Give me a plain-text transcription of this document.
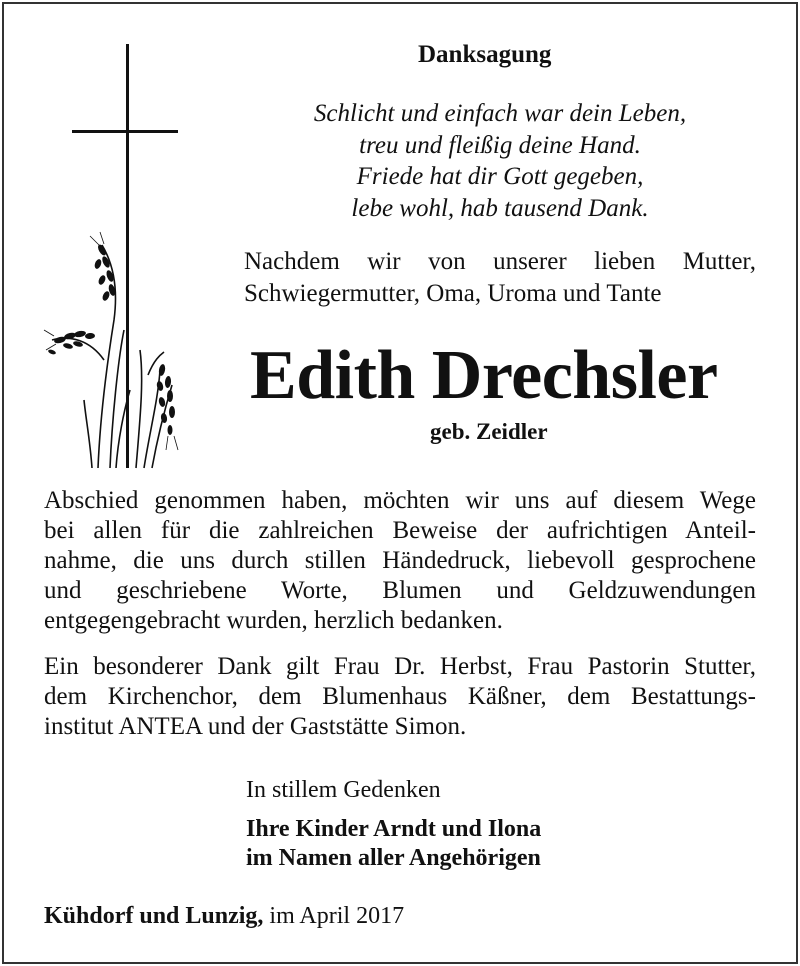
Danksagung
Schlicht und einfach war dein Leben,
treu und fleißig deine Hand.
Friede hat dir Gott gegeben,
lebe wohl, hab tausend Dank.
Nachdem wir von unserer lieben Mutter,
Schwiegermutter, Oma, Uroma und Tante
Edith Drechsler
geb. Zeidler
Abschied genommen haben, möchten wir uns auf diesem Wege
bei allen für die zahlreichen Beweise der aufrichtigen Anteil-
nahme, die uns durch stillen Händedruck, liebevoll gesprochene
und geschriebene Worte, Blumen und Geldzuwendungen
entgegengebracht wurden, herzlich bedanken.
Ein besonderer Dank gilt Frau Dr. Herbst, Frau Pastorin Stutter,
dem Kirchenchor, dem Blumenhaus Käßner, dem Bestattungs-
institut ANTEA und der Gaststätte Simon.
In stillem Gedenken
Ihre Kinder Arndt und Ilona
im Namen aller Angehörigen
Kühdorf und Lunzig, im April 2017
